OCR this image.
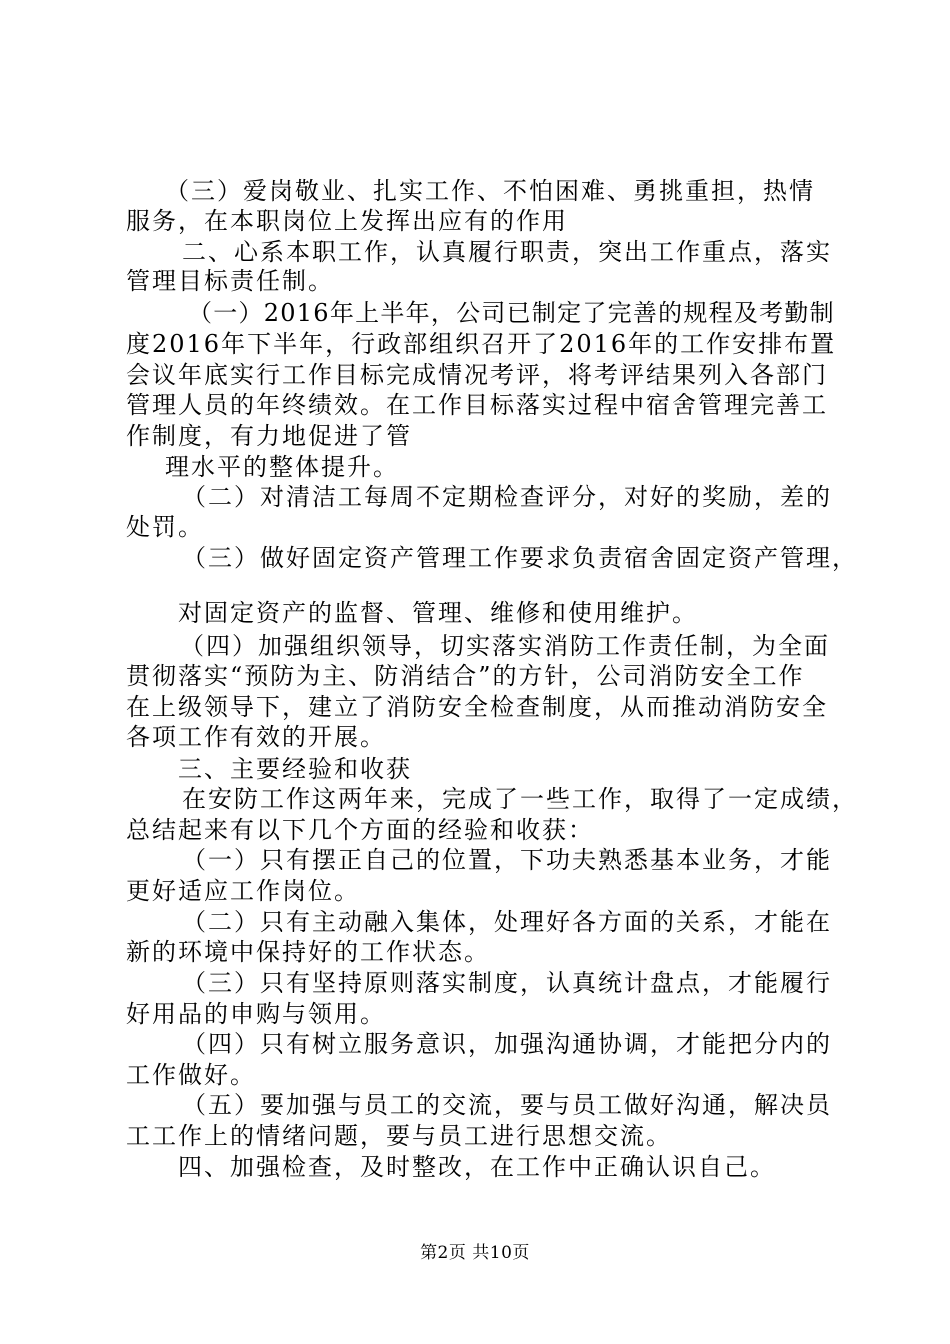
（三）爱岗敬业、扎实工作、不怕困难、勇挑重担，热情

服务，在本职岗位上发挥出应有的作用

二、心系本职工作，认真履行职责，突出工作重点，落实

管理目标责任制。

（一）2016年上半年，公司已制定了完善的规程及考勤制

度2016年下半年，行政部组织召开了2016年的工作安排布置

会议年底实行工作目标完成情况考评，将考评结果列入各部门

管理人员的年终绩效。在工作目标落实过程中宿舍管理完善工

作制度，有力地促进了管

理水平的整体提升。

（二）对清洁工每周不定期检查评分，对好的奖励，差的

处罚。

（三）做好固定资产管理工作要求负责宿舍固定资产管理，

对固定资产的监督、管理、维修和使用维护。

（四）加强组织领导，切实落实消防工作责任制，为全面

贯彻落实“预防为主、防消结合”的方针，公司消防安全工作

在上级领导下，建立了消防安全检查制度，从而推动消防安全

各项工作有效的开展。

三、主要经验和收获

在安防工作这两年来，完成了一些工作，取得了一定成绩，

总结起来有以下几个方面的经验和收获：

（一）只有摆正自己的位置，下功夫熟悉基本业务，才能

更好适应工作岗位。

（二）只有主动融入集体，处理好各方面的关系，才能在

新的环境中保持好的工作状态。

（三）只有坚持原则落实制度，认真统计盘点，才能履行

好用品的申购与领用。

（四）只有树立服务意识，加强沟通协调，才能把分内的

工作做好。

（五）要加强与员工的交流，要与员工做好沟通，解决员

工工作上的情绪问题，要与员工进行思想交流。

四、加强检查，及时整改，在工作中正确认识自己。

第2页 共10页
